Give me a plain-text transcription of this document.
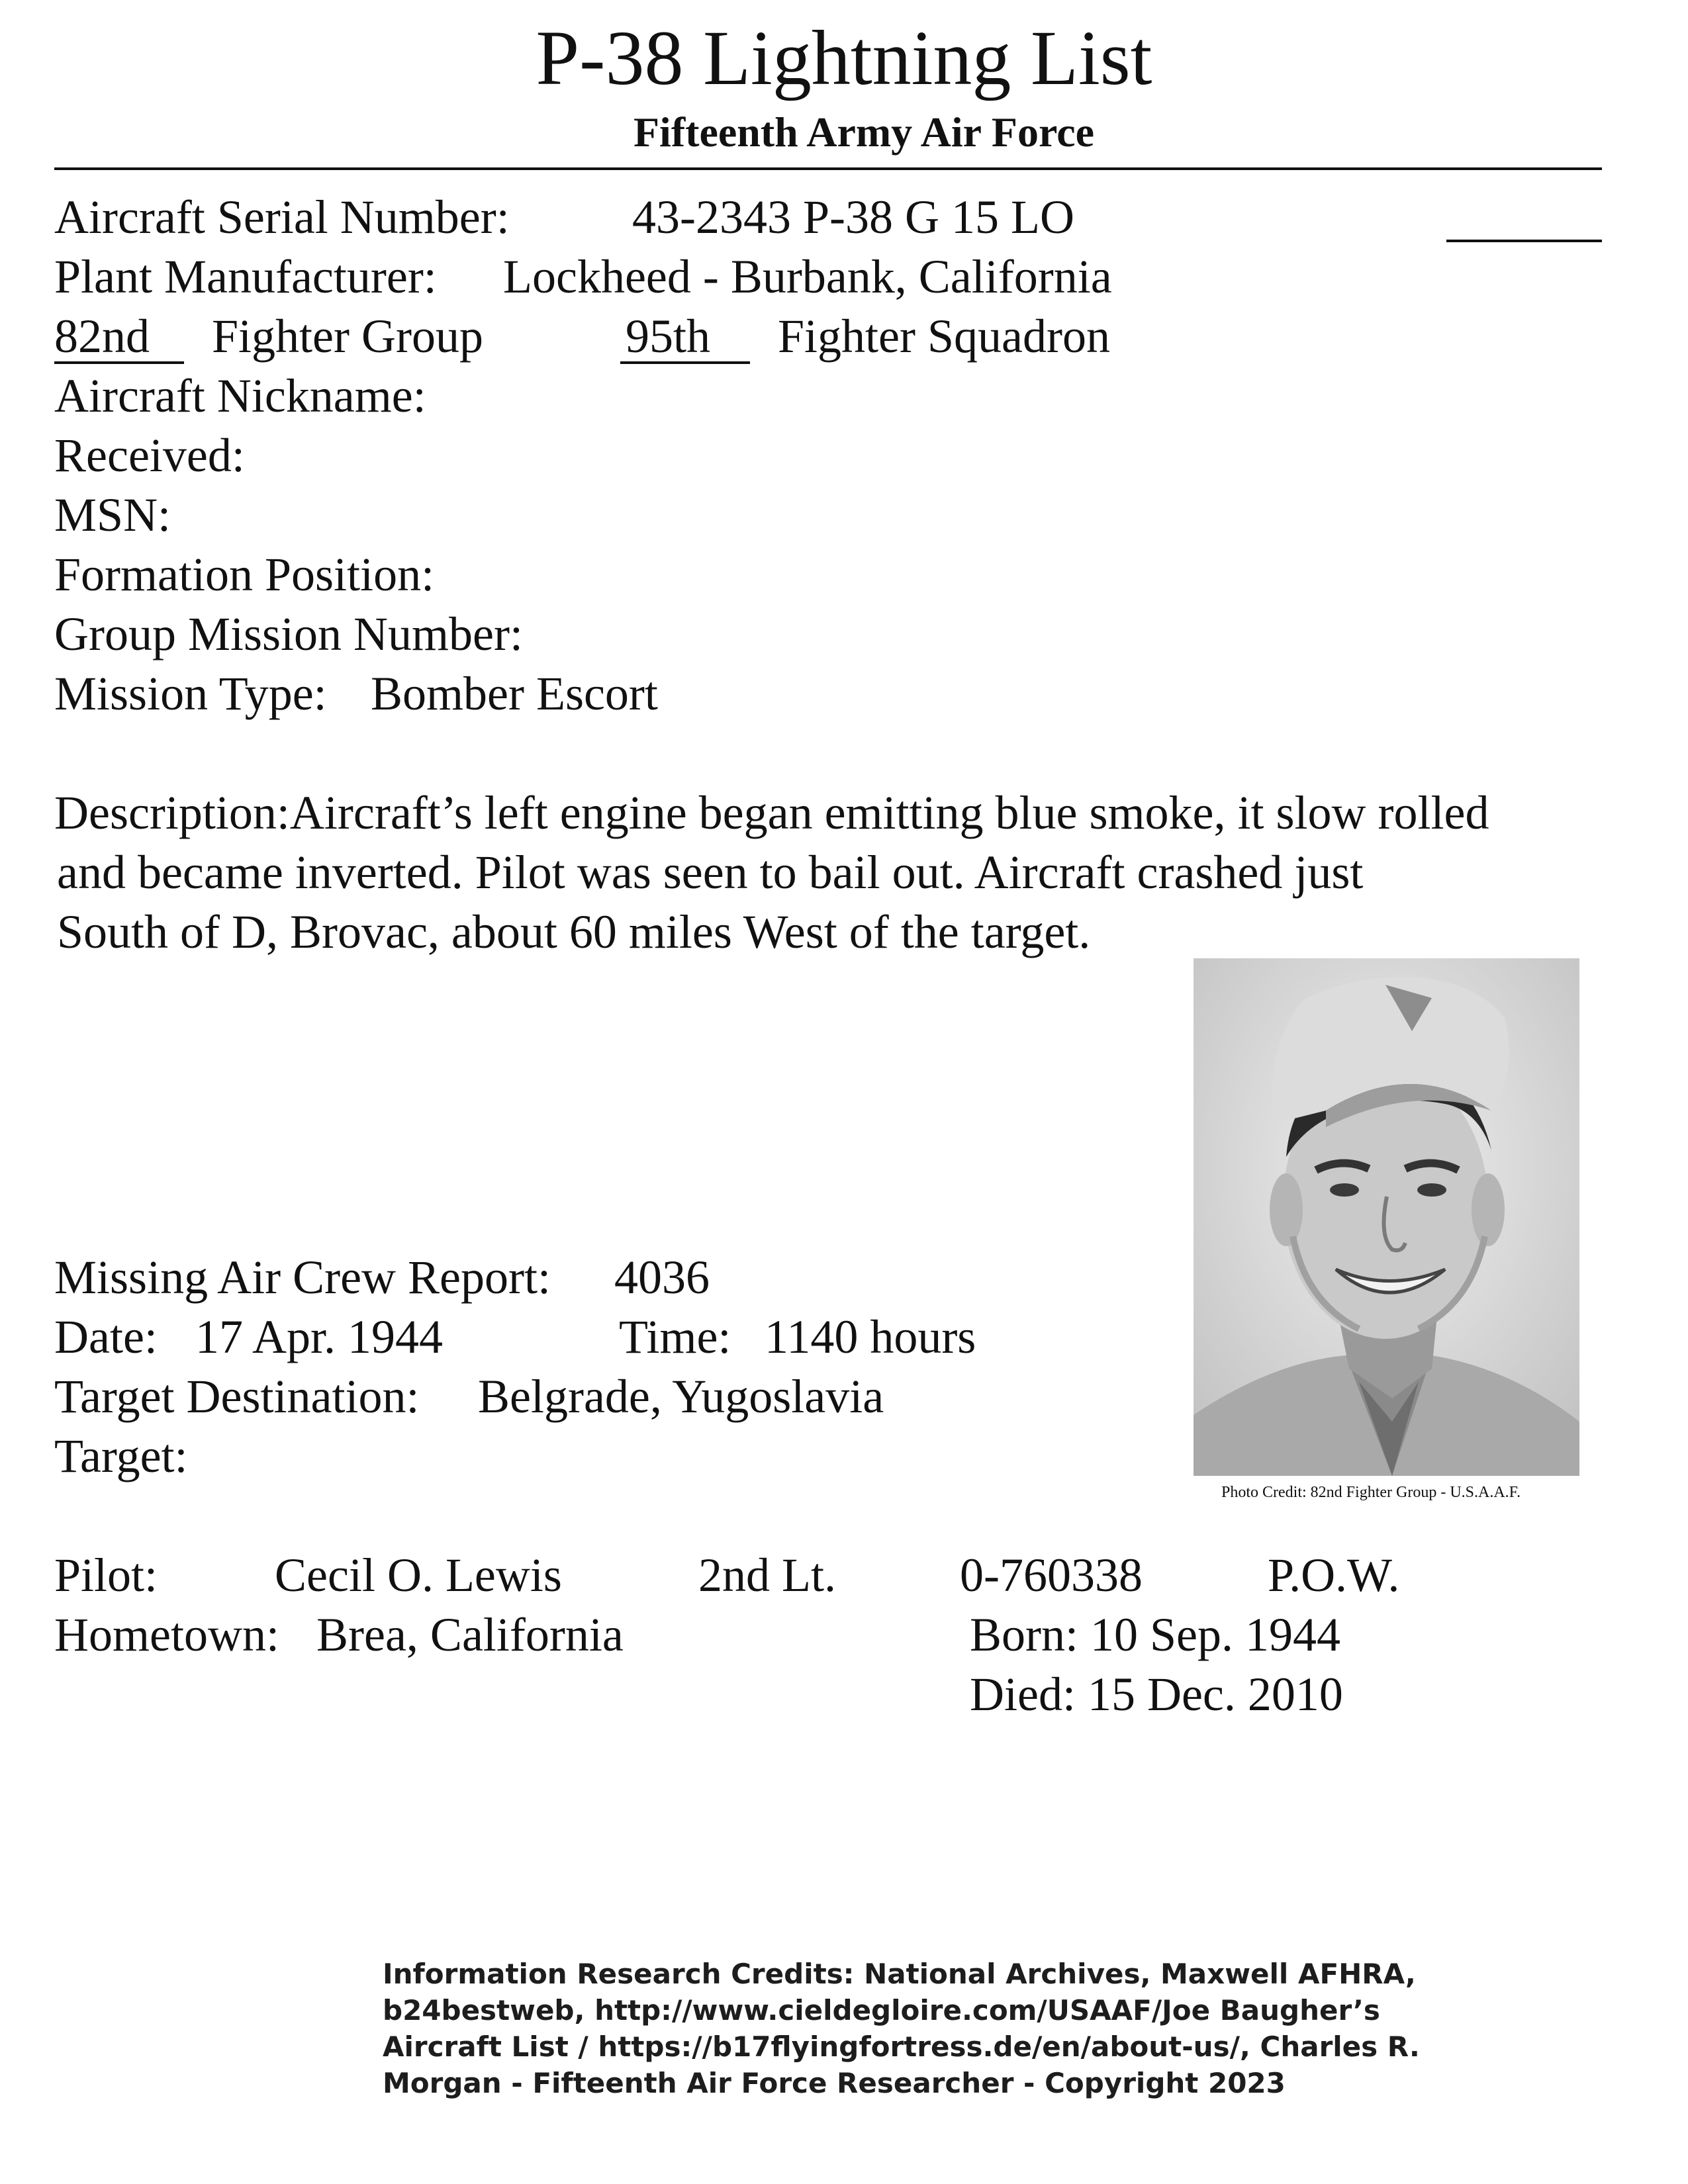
P-38 Lightning List
Fifteenth Army Air Force
Aircraft Serial Number:	43-2343 P-38 G 15 LO
Plant Manufacturer: Lockheed - Burbank, California
82nd	Fighter Group	95th Fighter Squadron
Aircraft Nickname:
Received:
MSN:
Formation Position:
Group Mission Number:
Mission Type: Bomber Escort
Description:Aircraft’s left engine began emitting blue smoke, it slow rolled
and became inverted. Pilot was seen to bail out. Aircraft crashed just
South of D, Brovac, about 60 miles West of the target.
Photo Credit: 82nd Fighter Group - U.S.A.A.F.
Missing Air Crew Report: 4036
Date: 17 Apr. 1944	Time: 1140 hours
Target Destination: Belgrade, Yugoslavia
Target:
Pilot: Cecil O. Lewis	2nd Lt.	0-760338	P.O.W.
Hometown: Brea, California	Born: 10 Sep. 1944
Died: 15 Dec. 2010
Information Research Credits: National Archives, Maxwell AFHRA,
b24bestweb, http://www.cieldegloire.com/USAAF/Joe Baugher’s
Aircraft List / https://b17flyingfortress.de/en/about-us/, Charles R.
Morgan - Fifteenth Air Force Researcher - Copyright 2023
